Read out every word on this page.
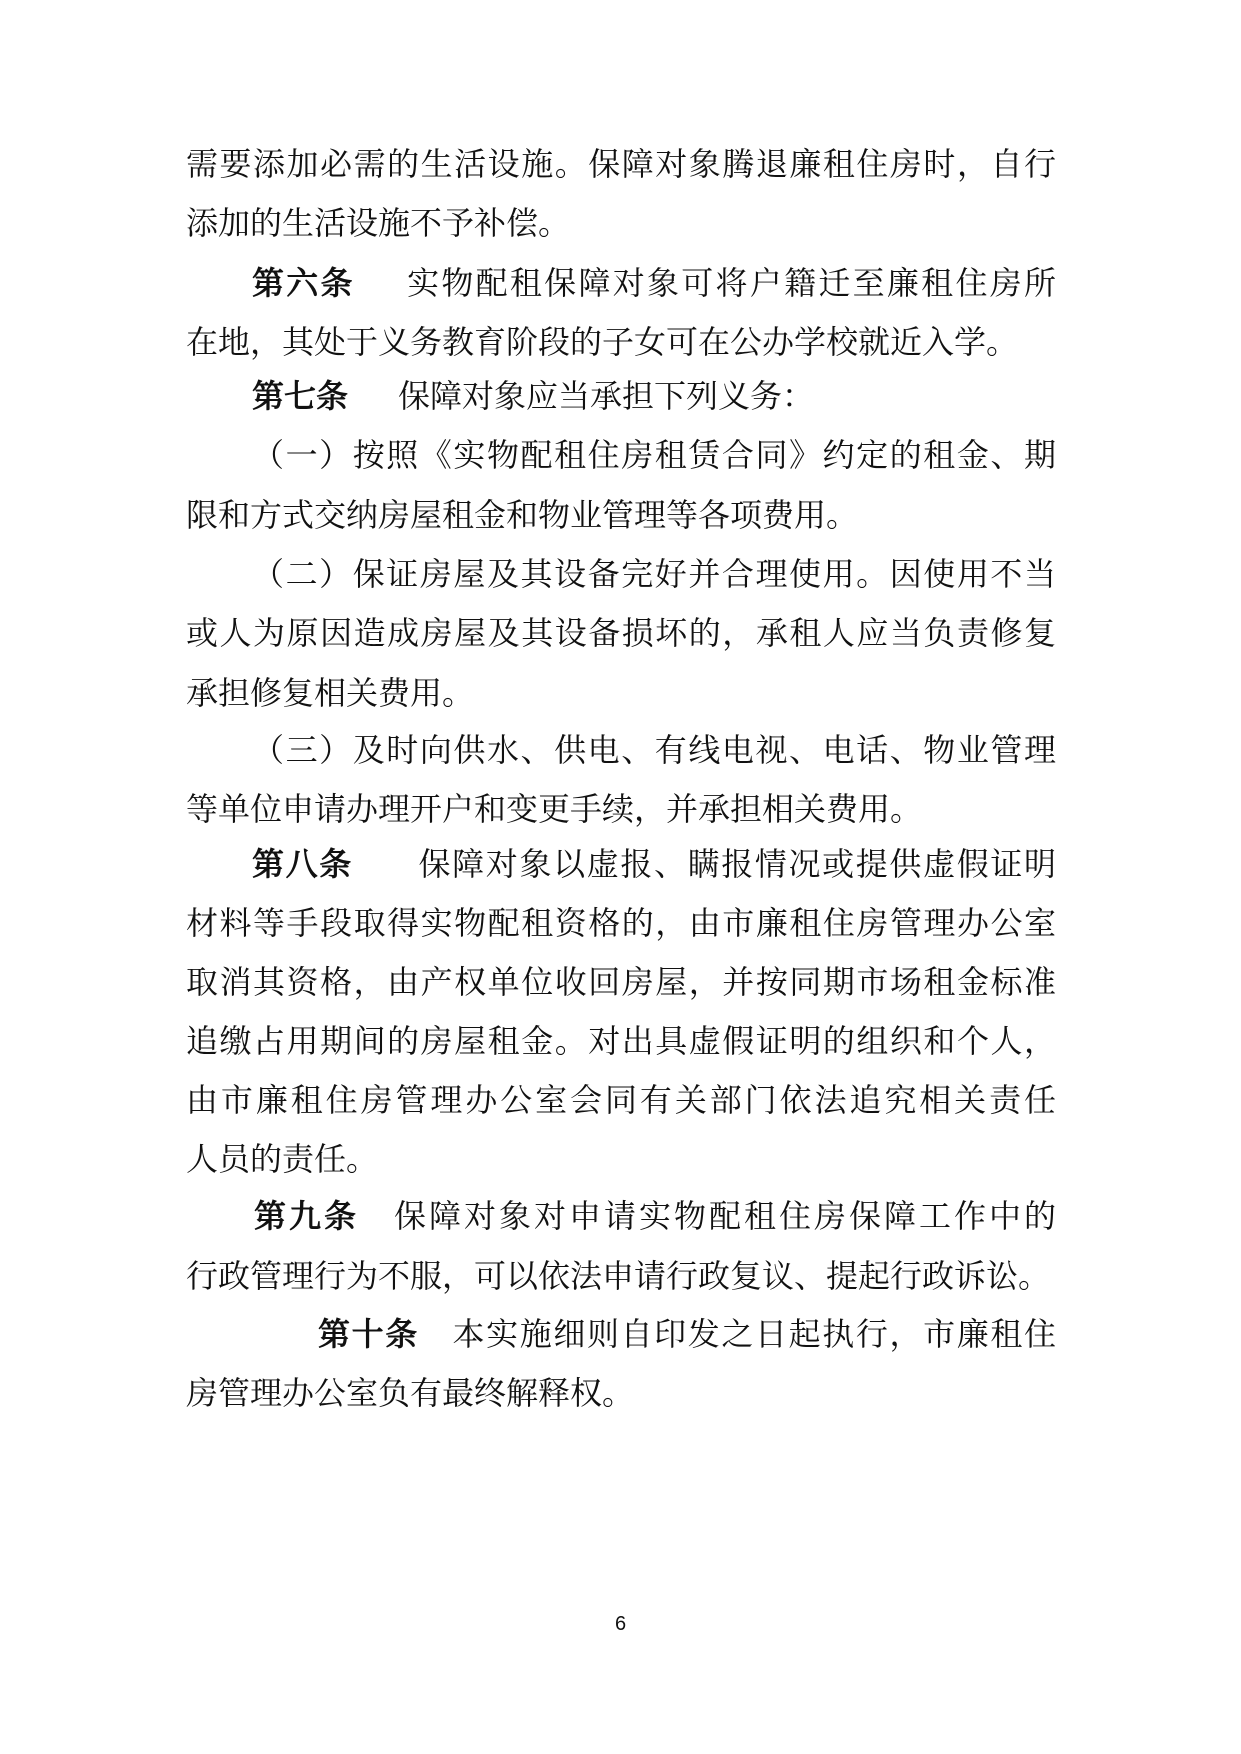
需要添加必需的生活设施。保障对象腾退廉租住房时，自行
添加的生活设施不予补偿。
第六条 实物配租保障对象可将户籍迁至廉租住房所
在地，其处于义务教育阶段的子女可在公办学校就近入学。
第七条 保障对象应当承担下列义务：
（一）按照《实物配租住房租赁合同》约定的租金、期
限和方式交纳房屋租金和物业管理等各项费用。
（二）保证房屋及其设备完好并合理使用。因使用不当
或人为原因造成房屋及其设备损坏的，承租人应当负责修复
承担修复相关费用。
（三）及时向供水、供电、有线电视、电话、物业管理
等单位申请办理开户和变更手续，并承担相关费用。
第八条 保障对象以虚报、瞒报情况或提供虚假证明
材料等手段取得实物配租资格的，由市廉租住房管理办公室
取消其资格，由产权单位收回房屋，并按同期市场租金标准
追缴占用期间的房屋租金。对出具虚假证明的组织和个人，
由市廉租住房管理办公室会同有关部门依法追究相关责任
人员的责任。
第九条 保障对象对申请实物配租住房保障工作中的
行政管理行为不服，可以依法申请行政复议、提起行政诉讼。
第十条 本实施细则自印发之日起执行，市廉租住
房管理办公室负有最终解释权。
6
